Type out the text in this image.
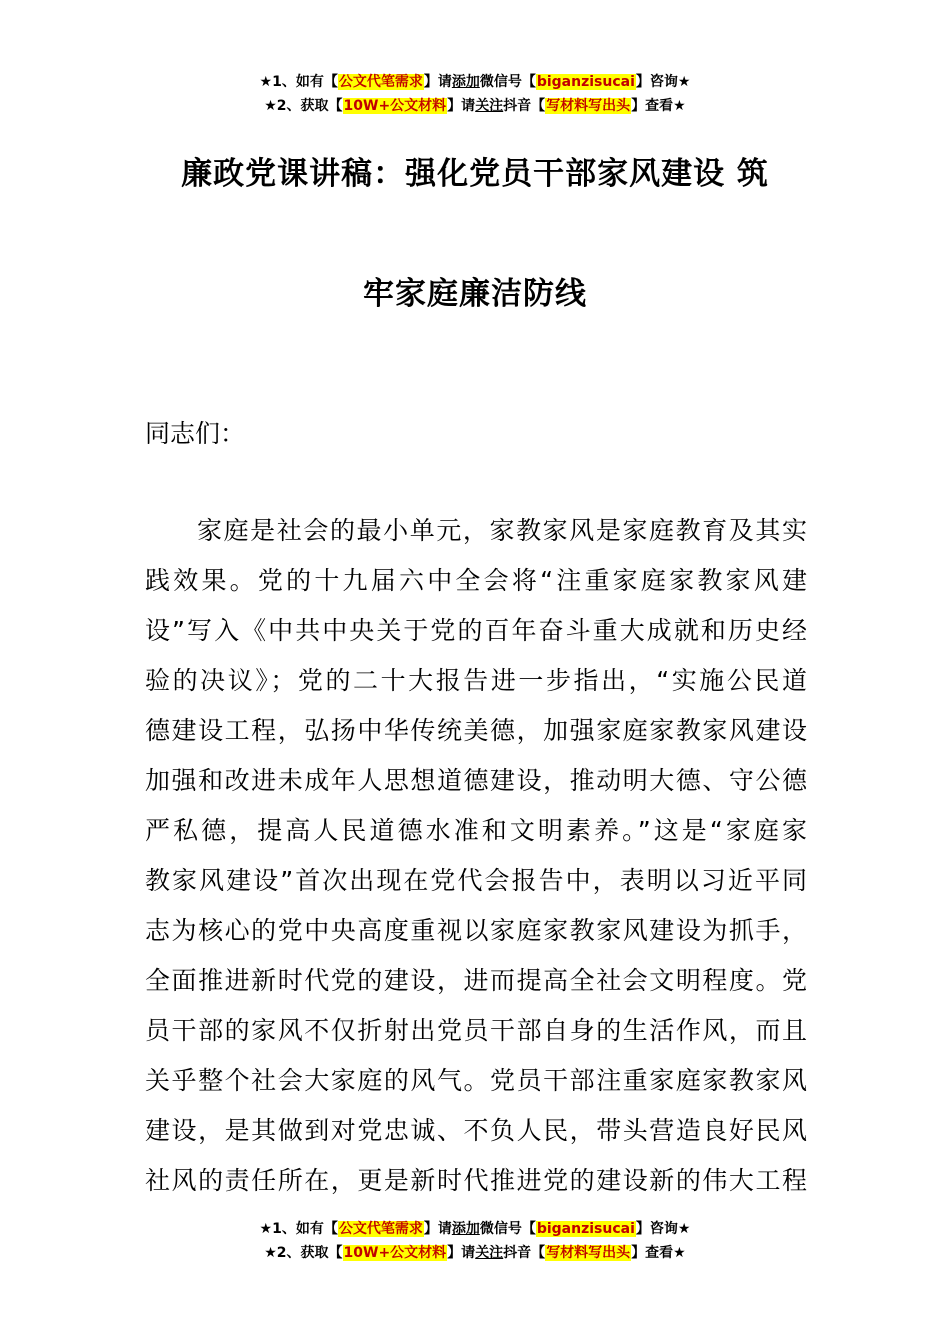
★1、如有【公文代笔需求】请添加微信号【biganzisucai】咨询★
★2、获取【10W+公文材料】请关注抖音【写材料写出头】查看★
廉政党课讲稿：强化党员干部家风建设 筑
牢家庭廉洁防线
同志们：
家庭是社会的最小单元，家教家风是家庭教育及其实
践效果。党的十九届六中全会将“注重家庭家教家风建
设”写入《中共中央关于党的百年奋斗重大成就和历史经
验的决议》；党的二十大报告进一步指出，“实施公民道
德建设工程，弘扬中华传统美德，加强家庭家教家风建设
加强和改进未成年人思想道德建设，推动明大德、守公德
严私德，提高人民道德水准和文明素养。”这是“家庭家
教家风建设”首次出现在党代会报告中，表明以习近平同
志为核心的党中央高度重视以家庭家教家风建设为抓手，
全面推进新时代党的建设，进而提高全社会文明程度。党
员干部的家风不仅折射出党员干部自身的生活作风，而且
关乎整个社会大家庭的风气。党员干部注重家庭家教家风
建设，是其做到对党忠诚、不负人民，带头营造良好民风
社风的责任所在，更是新时代推进党的建设新的伟大工程
★1、如有【公文代笔需求】请添加微信号【biganzisucai】咨询★
★2、获取【10W+公文材料】请关注抖音【写材料写出头】查看★
